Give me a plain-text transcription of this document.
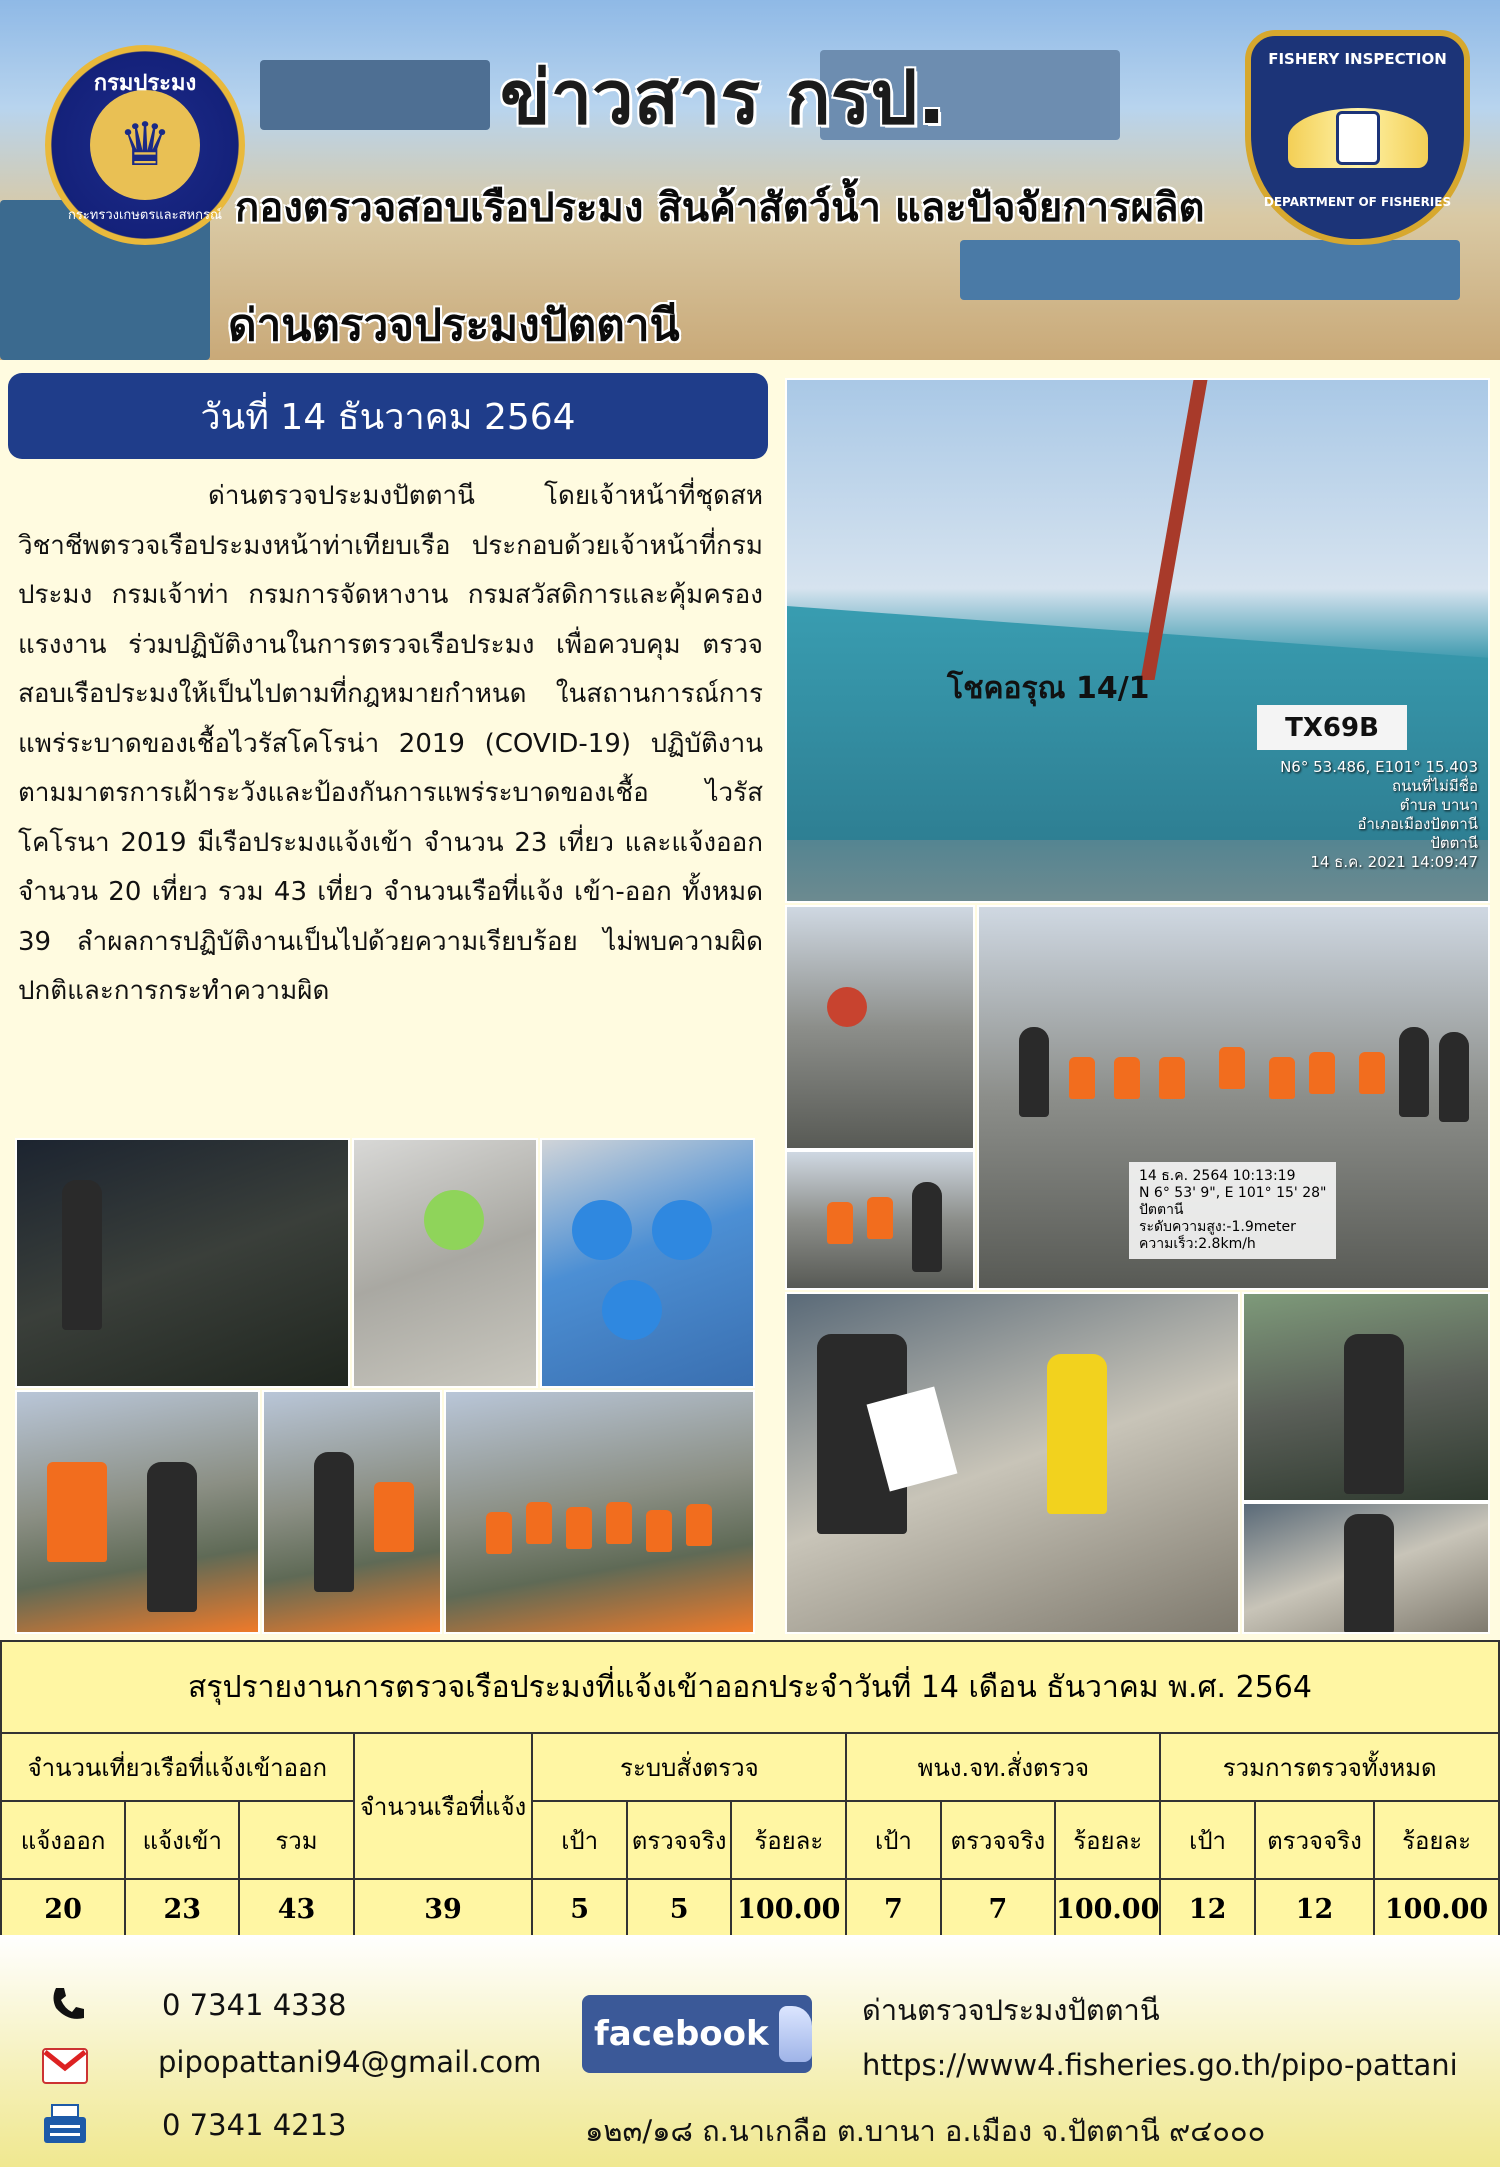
กรมประมง
♛
กระทรวงเกษตรและสหกรณ์
FISHERY INSPECTION
DEPARTMENT OF FISHERIES
ข่าวสาร กรป.
กองตรวจสอบเรือประมง สินค้าสัตว์น้ำ และปัจจัยการผลิต
ด่านตรวจประมงปัตตานี
วันที่ 14 ธันวาคม 2564
ด่านตรวจประมงปัตตานี โดยเจ้าหน้าที่ชุดสหวิชาชีพตรวจเรือประมงหน้าท่าเทียบเรือ ประกอบด้วยเจ้าหน้าที่กรมประมง กรมเจ้าท่า กรมการจัดหางาน กรมสวัสดิการและคุ้มครองแรงงาน ร่วมปฏิบัติงานในการตรวจเรือประมง เพื่อควบคุม ตรวจสอบเรือประมงให้เป็นไปตามที่กฎหมายกำหนด ในสถานการณ์การแพร่ระบาดของเชื้อไวรัสโคโรน่า 2019 (COVID-19) ปฏิบัติงานตามมาตรการเฝ้าระวังและป้องกันการแพร่ระบาดของเชื้อ ไวรัสโคโรนา 2019 มีเรือประมงแจ้งเข้า จำนวน 23 เที่ยว และแจ้งออก จำนวน 20 เที่ยว รวม 43 เที่ยว จำนวนเรือที่แจ้ง เข้า-ออก ทั้งหมด 39 ลำผลการปฏิบัติงานเป็นไปด้วยความเรียบร้อย ไม่พบความผิดปกติและการกระทำความผิด
TX69B
โชคอรุณ 14/1
N6° 53.486, E101° 15.403
ถนนที่ไม่มีชื่อ
ตำบล บานา
อำเภอเมืองปัตตานี
ปัตตานี
14 ธ.ค. 2021 14:09:47
14 ธ.ค. 2564 10:13:19
N 6° 53' 9", E 101° 15' 28"
ปัตตานี
ระดับความสูง:-1.9meter
ความเร็ว:2.8km/h
สรุปรายงานการตรวจเรือประมงที่แจ้งเข้าออกประจำวันที่ 14 เดือน ธันวาคม พ.ศ. 2564
จำนวนเที่ยวเรือที่แจ้งเข้าออก			จำนวนเรือที่แจ้ง	ระบบสั่งตรวจ			พนง.จท.สั่งตรวจ			รวมการตรวจทั้งหมด		
แจ้งออก	แจ้งเข้า	รวม		เป้า	ตรวจจริง	ร้อยละ	เป้า	ตรวจจริง	ร้อยละ	เป้า	ตรวจจริง	ร้อยละ
20	23	43	39	5	5	100.00	7	7	100.00	12	12	100.00
0 7341 4338
pipopattani94@gmail.com
0 7341 4213
facebook
ด่านตรวจประมงปัตตานี
https://www4.fisheries.go.th/pipo-pattani
๑๒๓/๑๘ ถ.นาเกลือ ต.บานา อ.เมือง จ.ปัตตานี ๙๔๐๐๐
